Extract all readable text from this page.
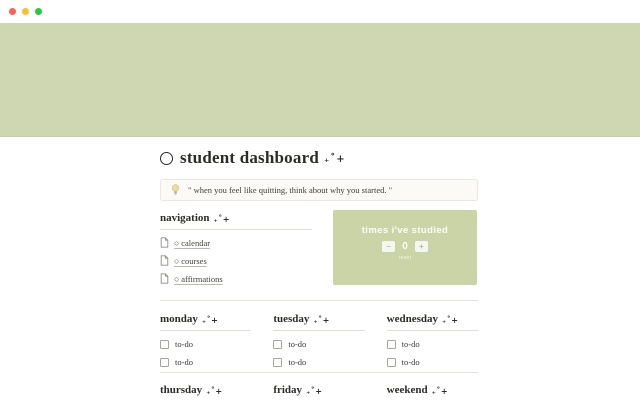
student dashboard ₊˚+
" when you feel like quitting, think about why you started. "
navigation ₊˚+
○ calendar
○ courses
○ affirmations
times i've studied
−	0	+
reset
monday ₊˚+
to-do
to-do
tuesday ₊˚+
to-do
to-do
wednesday ₊˚+
to-do
to-do
thursday ₊˚+	friday ₊˚+	weekend ₊˚+
